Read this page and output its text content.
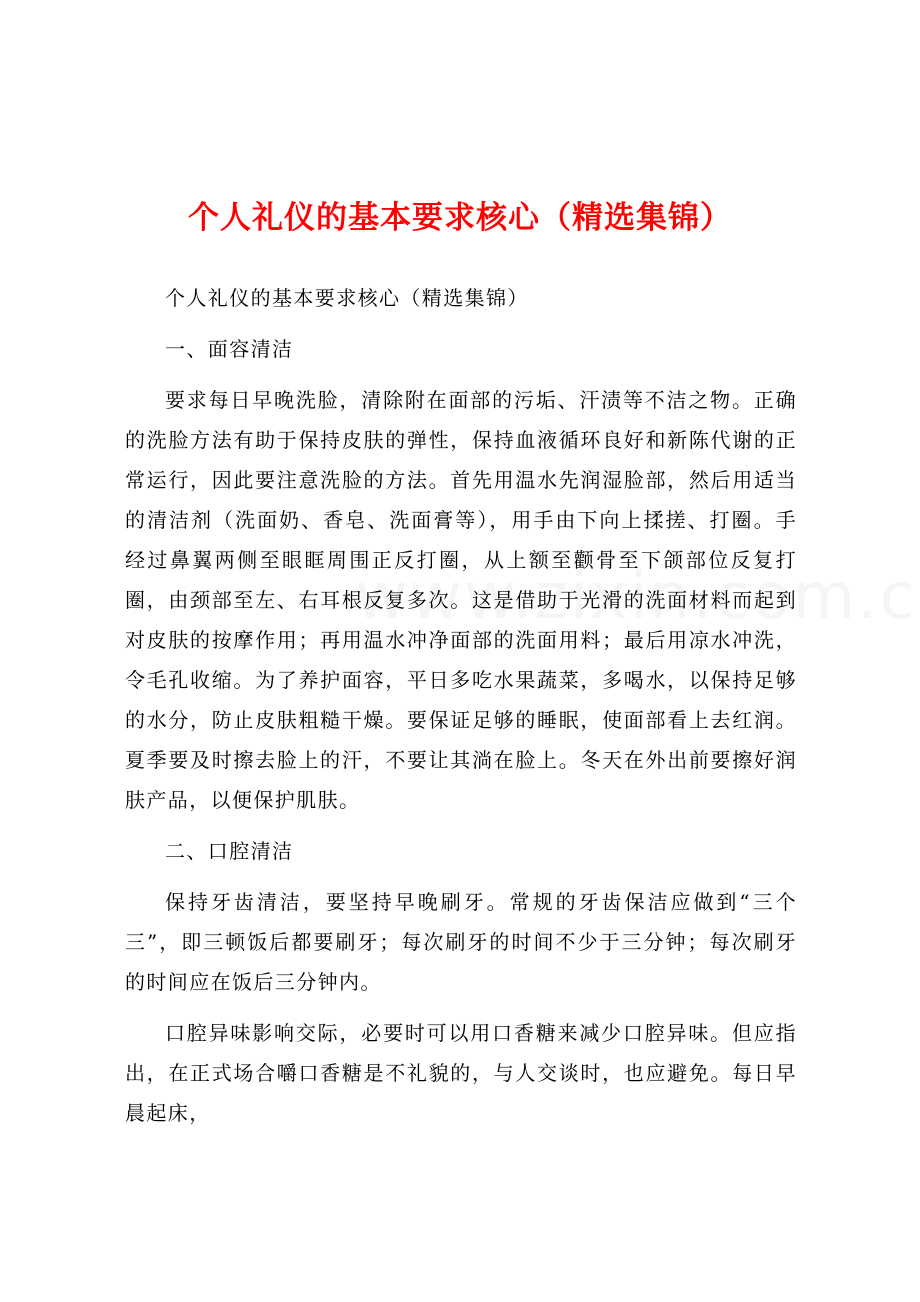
个人礼仪的基本要求核心（精选集锦）

个人礼仪的基本要求核心（精选集锦）

一、面容清洁

要求每日早晚洗脸，清除附在面部的污垢、汗渍等不洁之物。正确的洗脸方法有助于保持皮肤的弹性，保持血液循环良好和新陈代谢的正常运行，因此要注意洗脸的方法。首先用温水先润湿脸部，然后用适当的清洁剂（洗面奶、香皂、洗面膏等），用手由下向上揉搓、打圈。手经过鼻翼两侧至眼眶周围正反打圈，从上额至颧骨至下颌部位反复打圈，由颈部至左、右耳根反复多次。这是借助于光滑的洗面材料而起到对皮肤的按摩作用；再用温水冲净面部的洗面用料；最后用凉水冲洗，令毛孔收缩。为了养护面容，平日多吃水果蔬菜，多喝水，以保持足够的水分，防止皮肤粗糙干燥。要保证足够的睡眠，使面部看上去红润。夏季要及时擦去脸上的汗，不要让其淌在脸上。冬天在外出前要擦好润肤产品，以便保护肌肤。

二、口腔清洁

保持牙齿清洁，要坚持早晚刷牙。常规的牙齿保洁应做到“三个三”，即三顿饭后都要刷牙；每次刷牙的时间不少于三分钟；每次刷牙的时间应在饭后三分钟内。

口腔异味影响交际，必要时可以用口香糖来减少口腔异味。但应指出，在正式场合嚼口香糖是不礼貌的，与人交谈时，也应避免。每日早晨起床，
